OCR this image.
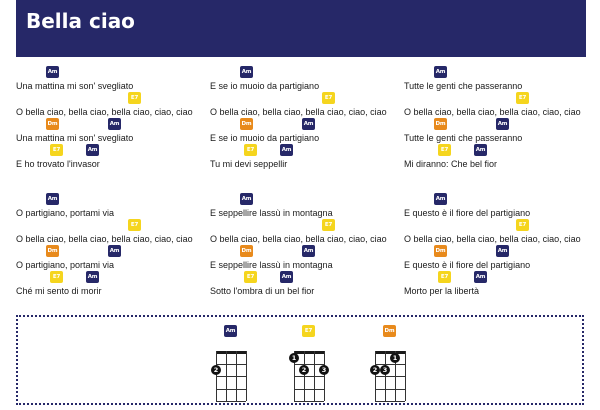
Bella ciao
Am
Una mattina mi son' svegliato
E7
O bella ciao, bella ciao, bella ciao, ciao, ciao
Dm	Am
Una mattina mi son' svegliato
E7	Am
E ho trovato l'invasor
Am
E se io muoio da partigiano
E7
O bella ciao, bella ciao, bella ciao, ciao, ciao
Dm	Am
E se io muoio da partigiano
E7	Am
Tu mi devi seppellir
Am
Tutte le genti che passeranno
E7
O bella ciao, bella ciao, bella ciao, ciao, ciao
Dm	Am
Tutte le genti che passeranno
E7	Am
Mi diranno: Che bel fior
Am
O partigiano, portami via
E7
O bella ciao, bella ciao, bella ciao, ciao, ciao
Dm	Am
O partigiano, portami via
E7	Am
Ché mi sento di morir
Am
E seppellire lassù in montagna
E7
O bella ciao, bella ciao, bella ciao, ciao, ciao
Dm	Am
E seppellire lassù in montagna
E7	Am
Sotto l'ombra di un bel fior
Am
E questo è il fiore del partigiano
E7
O bella ciao, bella ciao, bella ciao, ciao, ciao
Dm	Am
E questo è il fiore del partigiano
E7	Am
Morto per la libertà
Am
2
E7
1
2	3
Dm
2 3
1
